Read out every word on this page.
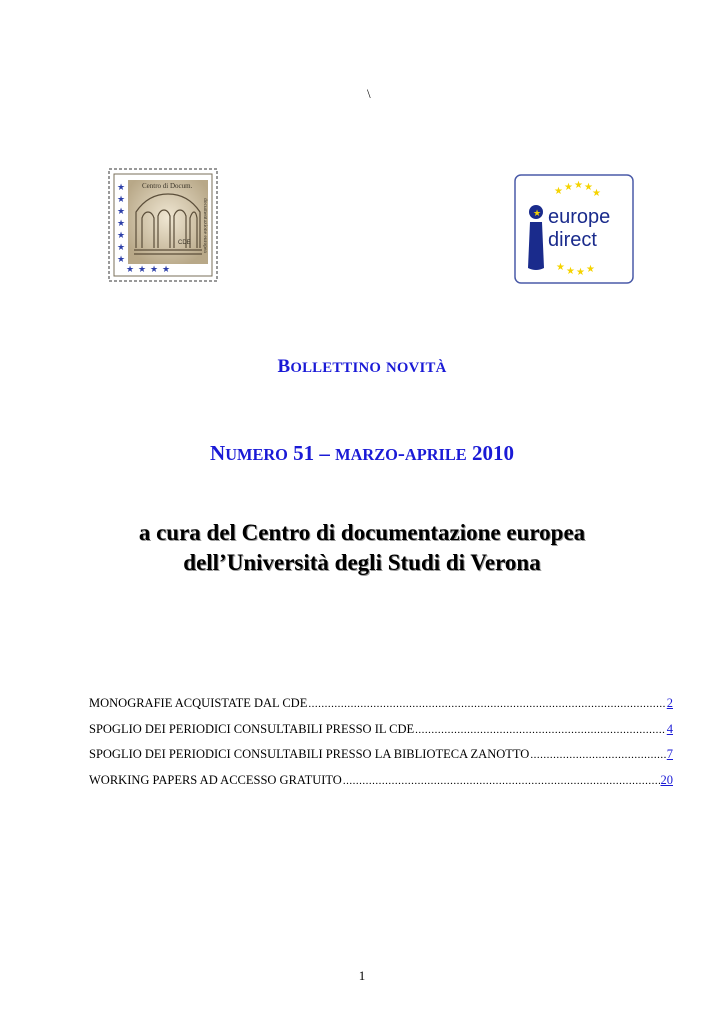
\
★
★
★
★
★
★
★
★ ★ ★ ★
Centro di Docum.
CDE documentazione europea
★ ★ ★ ★
★
★ ★ ★ ★
★ europe
direct
BOLLETTINO NOVITÀ
NUMERO 51 – MARZO-APRILE 2010
a cura del Centro di documentazione europea
dell’Università degli Studi di Verona
MONOGRAFIE ACQUISTATE DAL CDE .....	2
SPOGLIO DEI PERIODICI CONSULTABILI PRESSO IL CDE .....	4
SPOGLIO DEI PERIODICI CONSULTABILI PRESSO LA BIBLIOTECA ZANOTTO .....	7
WORKING PAPERS AD ACCESSO GRATUITO .....	20
1
